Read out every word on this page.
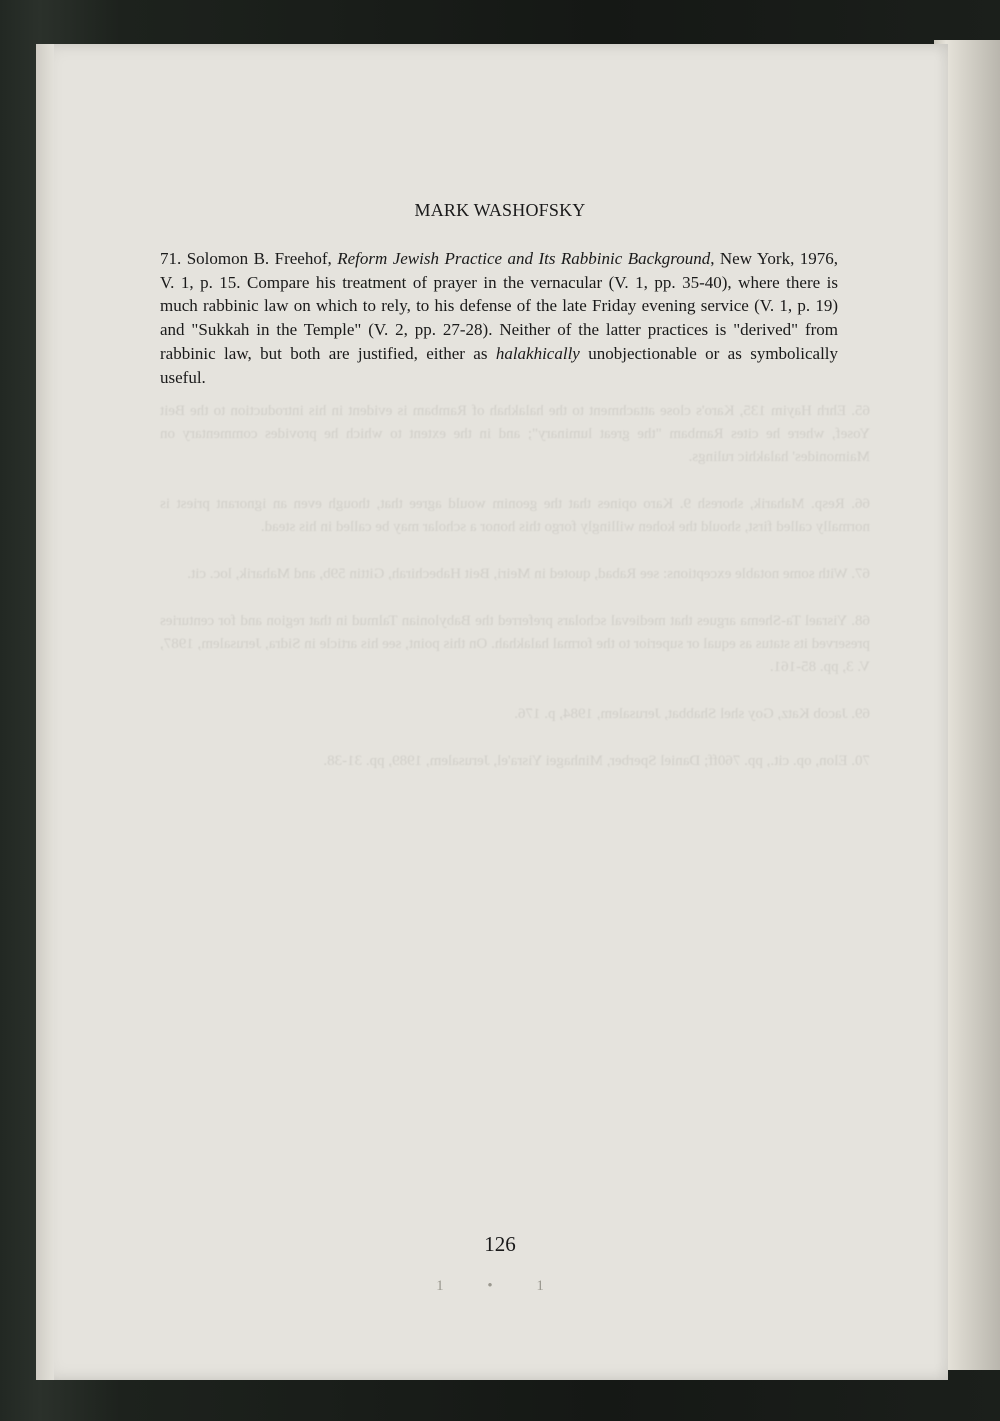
65. Ehrh Hayim 135, Karo's close attachment to the halakhah of Rambam is evident in his introduction to the Beit Yosef, where he cites Rambam "the great luminary"; and in the extent to which he provides commentary on Maimonides' halakhic rulings.

66. Resp. Maharik, shoresh 9. Karo opines that the geonim would agree that, though even an ignorant priest is normally called first, should the kohen willingly forgo this honor a scholar may be called in his stead.

67. With some notable exceptions: see Rabad, quoted in Meiri, Beit Habechirah, Gittin 59b, and Maharik, loc. cit.

68. Yisrael Ta-Shema argues that medieval scholars preferred the Babylonian Talmud in that region and for centuries preserved its status as equal or superior to the formal halakhah. On this point, see his article in Sidra, Jerusalem, 1987, V. 3, pp. 85-161.

69. Jacob Katz, Goy shel Shabbat, Jerusalem, 1984, p. 176.

70. Elon, op. cit., pp. 760ff; Daniel Sperber, Minhagei Yisra'el, Jerusalem, 1989, pp. 31-38.

MARK WASHOFSKY

71. Solomon B. Freehof, Reform Jewish Practice and Its Rabbinic Background, New York, 1976, V. 1, p. 15. Compare his treatment of prayer in the vernacular (V. 1, pp. 35-40), where there is much rabbinic law on which to rely, to his defense of the late Friday evening service (V. 1, p. 19) and "Sukkah in the Temple" (V. 2, pp. 27-28). Neither of the latter practices is "derived" from rabbinic law, but both are justified, either as halakhically unobjectionable or as symbolically useful.

126
1 • 1
